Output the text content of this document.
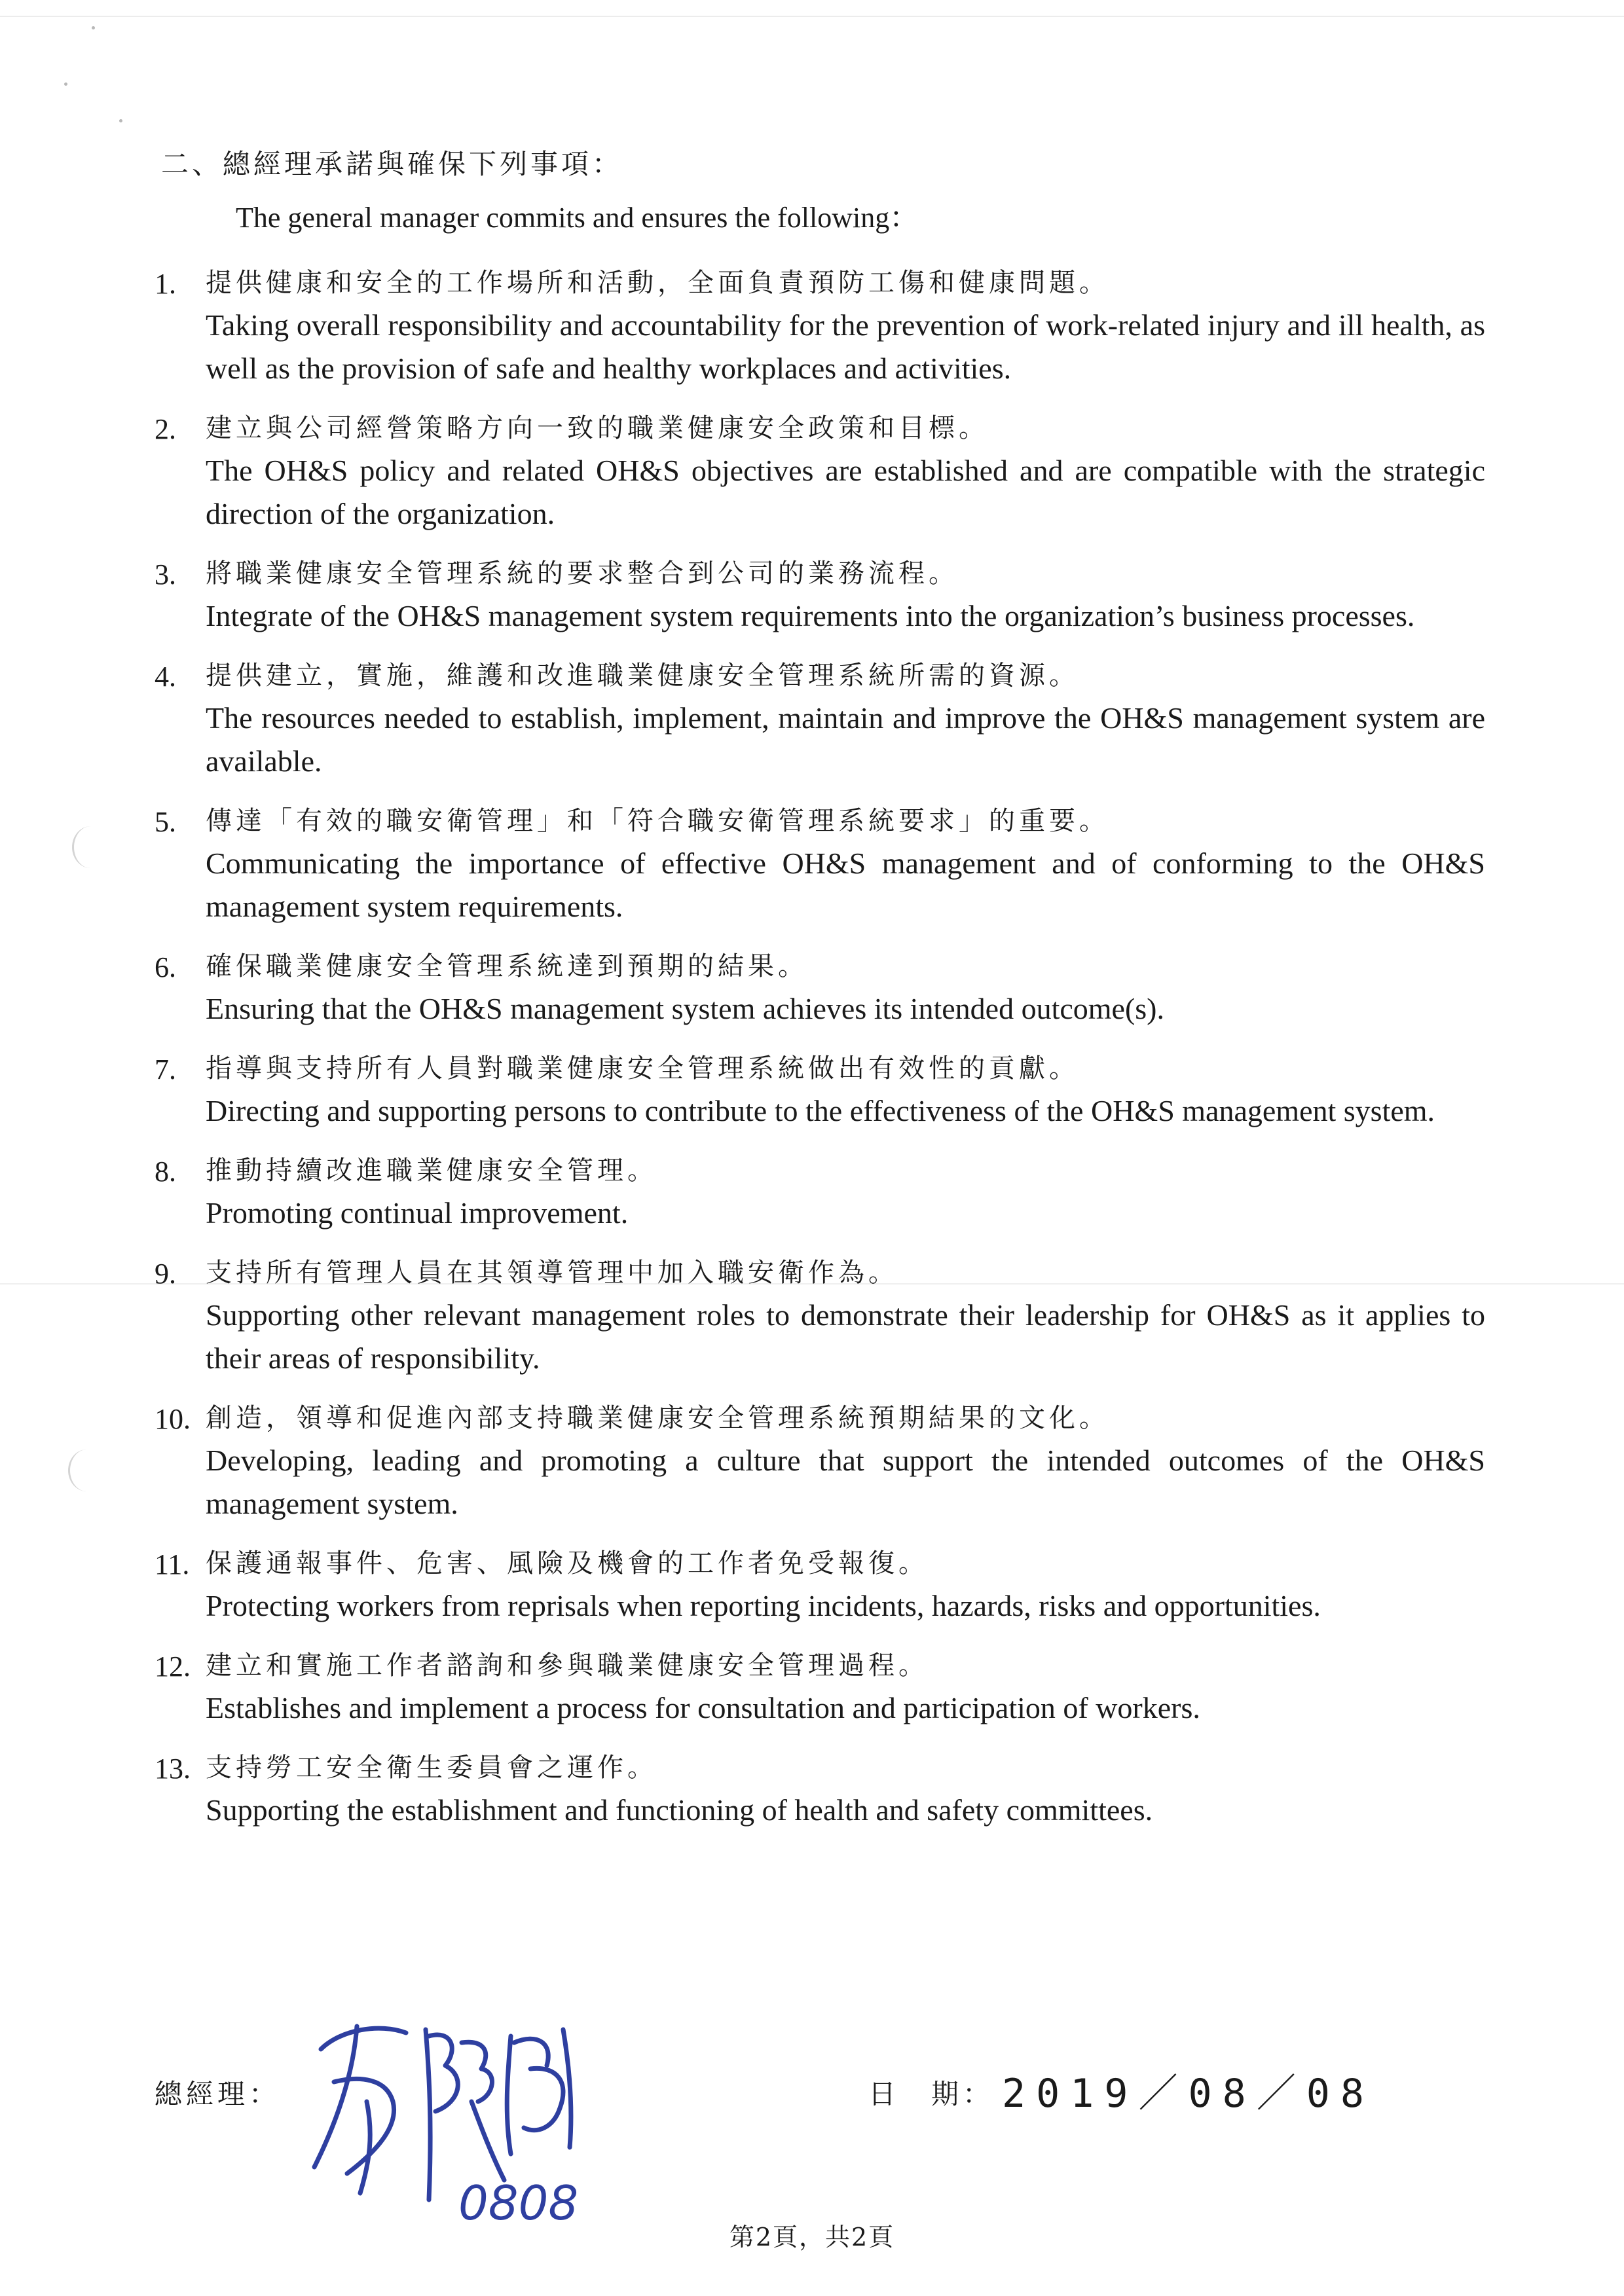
二、總經理承諾與確保下列事項：
The general manager commits and ensures the following：
1. 提供健康和安全的工作場所和活動，全面負責預防工傷和健康問題。
Taking overall responsibility and accountability for the prevention of work-related injury and ill health, as well as the provision of safe and healthy workplaces and activities.
2. 建立與公司經營策略方向一致的職業健康安全政策和目標。
The OH&S policy and related OH&S objectives are established and are compatible with the strategic direction of the organization.
3. 將職業健康安全管理系統的要求整合到公司的業務流程。
Integrate of the OH&S management system requirements into the organization’s business processes.
4. 提供建立，實施，維護和改進職業健康安全管理系統所需的資源。
The resources needed to establish, implement, maintain and improve the OH&S management system are available.
5. 傳達「有效的職安衛管理」和「符合職安衛管理系統要求」的重要。
Communicating the importance of effective OH&S management and of conforming to the OH&S management system requirements.
6. 確保職業健康安全管理系統達到預期的結果。
Ensuring that the OH&S management system achieves its intended outcome(s).
7. 指導與支持所有人員對職業健康安全管理系統做出有效性的貢獻。
Directing and supporting persons to contribute to the effectiveness of the OH&S management system.
8. 推動持續改進職業健康安全管理。
Promoting continual improvement.
9. 支持所有管理人員在其領導管理中加入職安衛作為。
Supporting other relevant management roles to demonstrate their leadership for OH&S as it applies to their areas of responsibility.
10. 創造，領導和促進內部支持職業健康安全管理系統預期結果的文化。
Developing, leading and promoting a culture that support the intended outcomes of the OH&S management system.
11. 保護通報事件、危害、風險及機會的工作者免受報復。
Protecting workers from reprisals when reporting incidents, hazards, risks and opportunities.
12. 建立和實施工作者諮詢和參與職業健康安全管理過程。
Establishes and implement a process for consultation and participation of workers.
13. 支持勞工安全衛生委員會之運作。
Supporting the establishment and functioning of health and safety committees.
總經理：
0808
日　期： 2019／08／08
第2頁，共2頁
